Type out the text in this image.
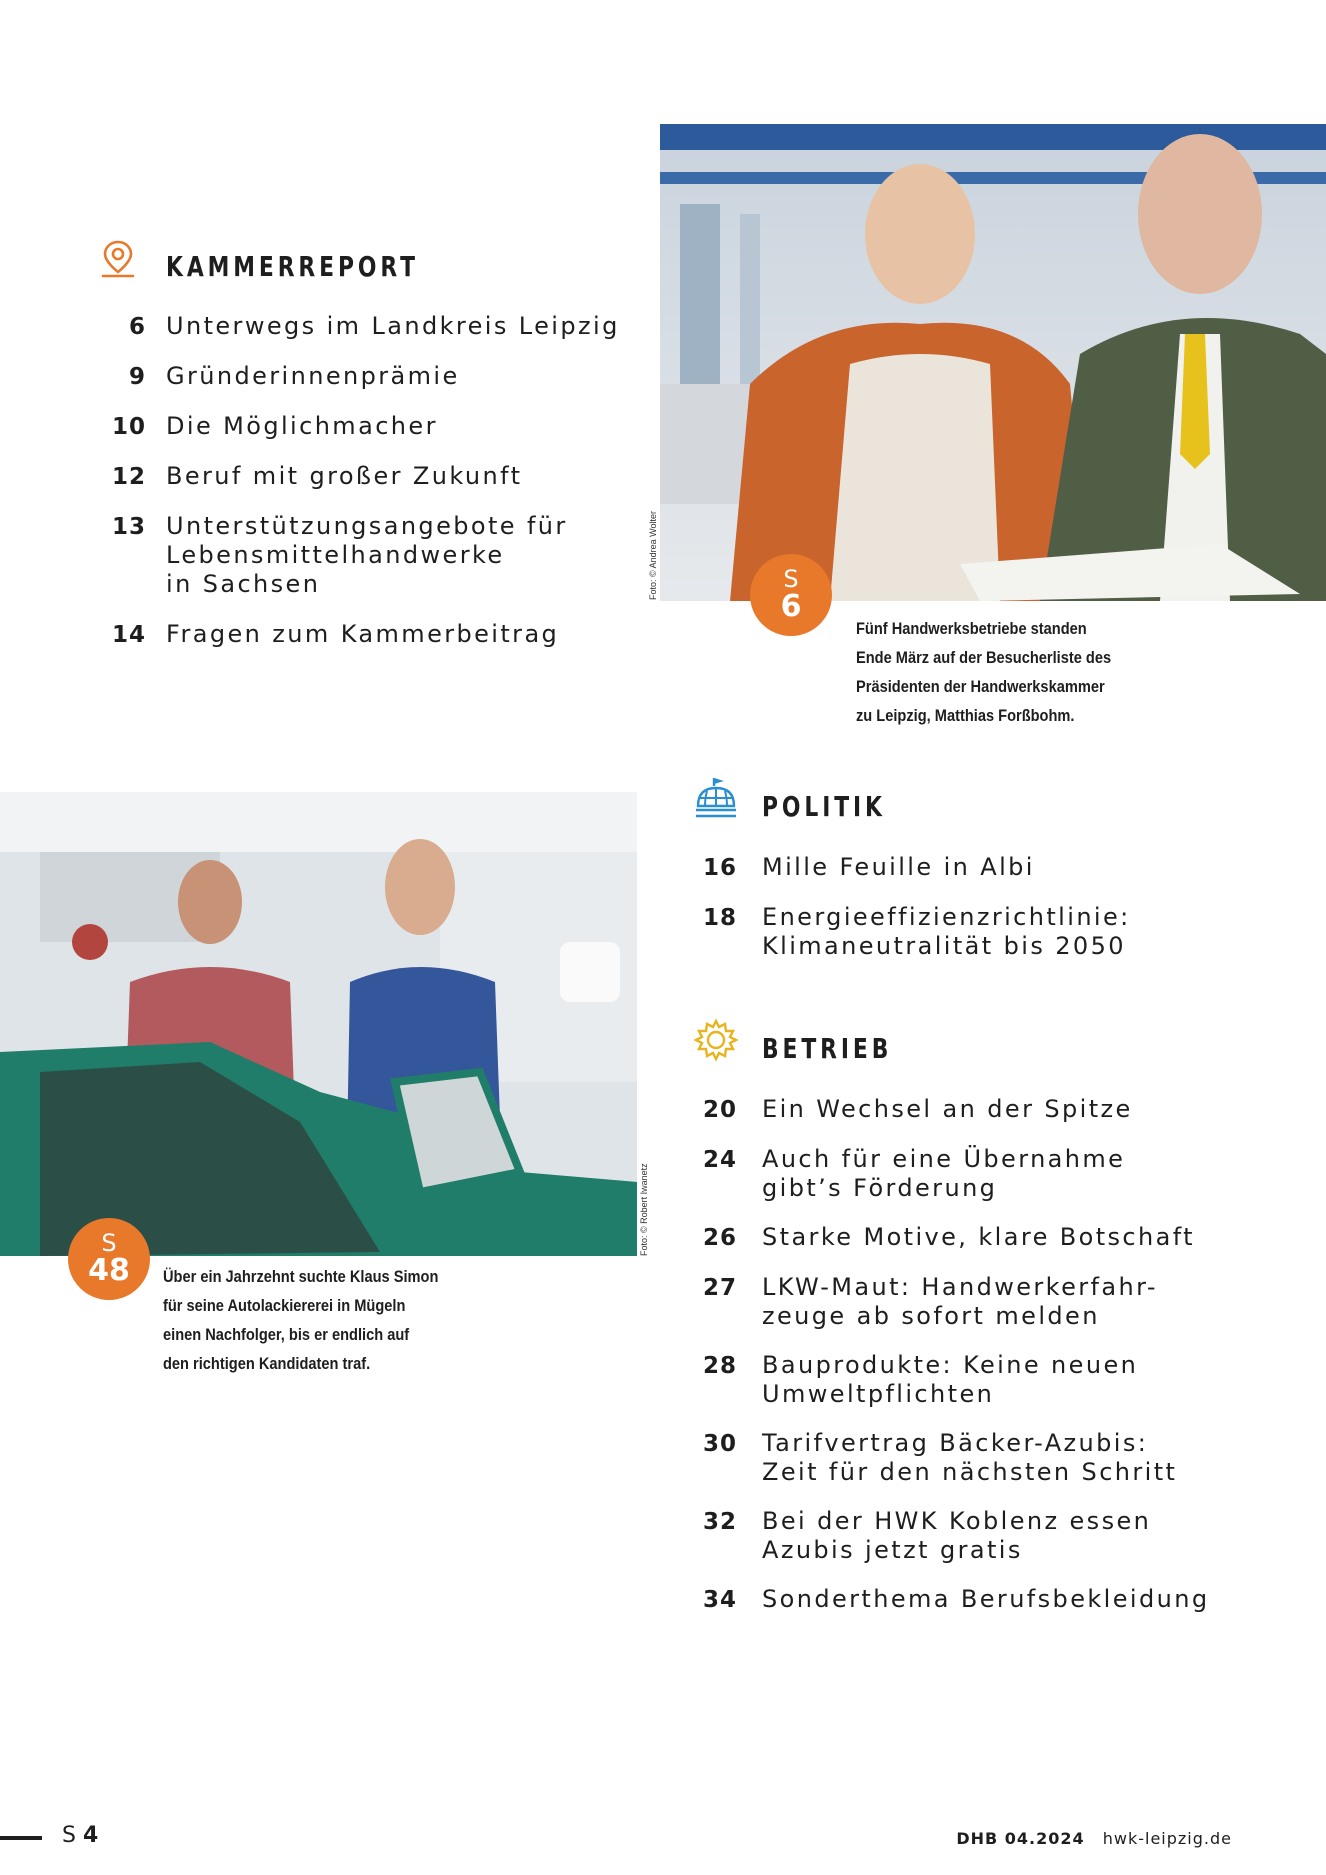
KAMMERREPORT
6 Unterwegs im Landkreis Leipzig
9 Gründerinnenprämie
10 Die Möglichmacher
12 Beruf mit großer Zukunft
13 Unterstützungsangebote für
Lebensmittelhandwerke
in Sachsen
14 Fragen zum Kammerbeitrag
Foto: © Andrea Wolter	S
6
Fünf Handwerksbetriebe standen
Ende März auf der Besucherliste des
Präsidenten der Handwerkskammer
zu Leipzig, Matthias Forßbohm.
Foto: © Robert Iwanetz
S
48	Über ein Jahrzehnt suchte Klaus Simon
für seine Autolackiererei in Mügeln
einen Nachfolger, bis er endlich auf
den richtigen Kandidaten traf.
POLITIK
16 Mille Feuille in Albi
18 Energieeffizienzrichtlinie:
Klimaneutralität bis 2050
BETRIEB
20 Ein Wechsel an der Spitze
24 Auch für eine Übernahme
gibt’s Förderung
26 Starke Motive, klare Botschaft
27 LKW-Maut: Handwerkerfahr-
zeuge ab sofort melden
28 Bauprodukte: Keine neuen
Umweltpflichten
30 Tarifvertrag Bäcker-Azubis:
Zeit für den nächsten Schritt
32 Bei der HWK Koblenz essen
Azubis jetzt gratis
34 Sonderthema Berufsbekleidung
S 4	DHB 04.2024 hwk-leipzig.de
